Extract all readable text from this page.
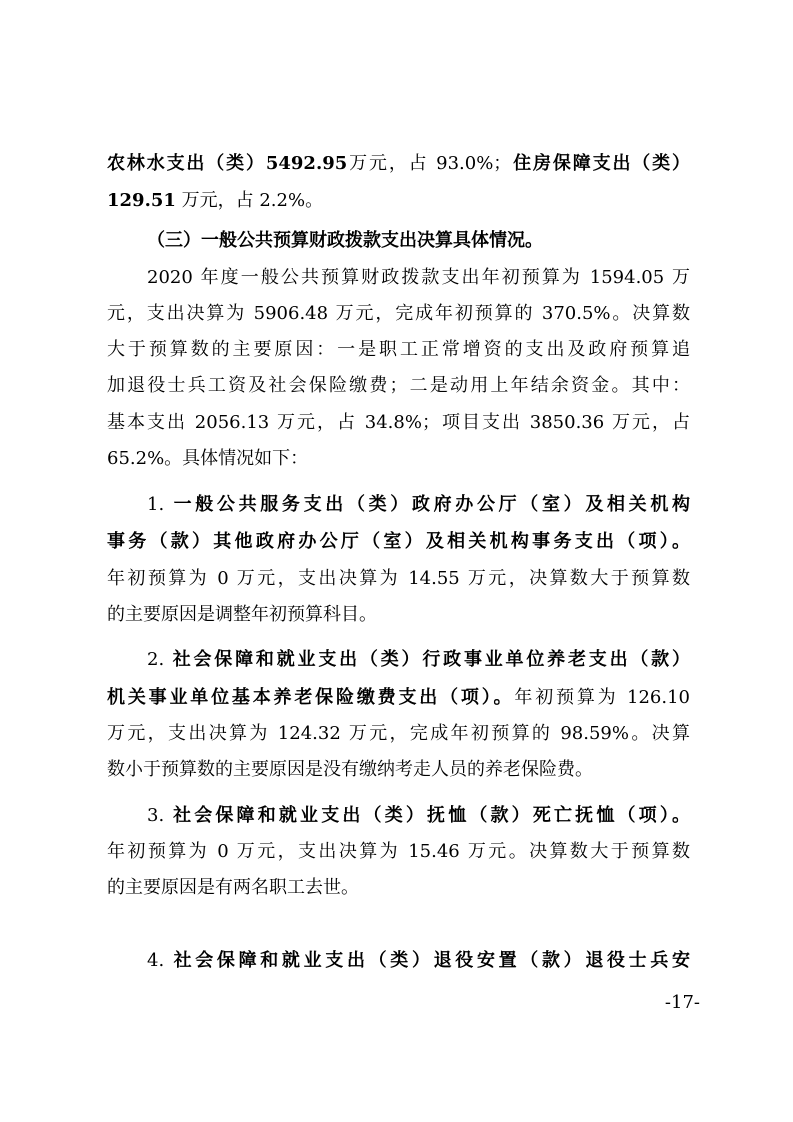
农林水支出（类）5492.95万元，占 93.0%；住房保障支出（类）
129.51 万元，占 2.2%。
（三）一般公共预算财政拨款支出决算具体情况。
2020 年度一般公共预算财政拨款支出年初预算为 1594.05 万
元，支出决算为 5906.48 万元，完成年初预算的 370.5%。决算数
大于预算数的主要原因：一是职工正常增资的支出及政府预算追
加退役士兵工资及社会保险缴费；二是动用上年结余资金。其中：
基本支出 2056.13 万元，占 34.8%；项目支出 3850.36 万元，占
65.2%。具体情况如下：
1. 一般公共服务支出（类）政府办公厅（室）及相关机构
事务（款）其他政府办公厅（室）及相关机构事务支出（项）。
年初预算为 0 万元，支出决算为 14.55 万元，决算数大于预算数
的主要原因是调整年初预算科目。
2. 社会保障和就业支出（类）行政事业单位养老支出（款）
机关事业单位基本养老保险缴费支出（项）。年初预算为 126.10
万元，支出决算为 124.32 万元，完成年初预算的 98.59%。决算
数小于预算数的主要原因是没有缴纳考走人员的养老保险费。
3. 社会保障和就业支出（类）抚恤（款）死亡抚恤（项）。
年初预算为 0 万元，支出决算为 15.46 万元。决算数大于预算数
的主要原因是有两名职工去世。
4. 社会保障和就业支出（类）退役安置（款）退役士兵安
-17-
